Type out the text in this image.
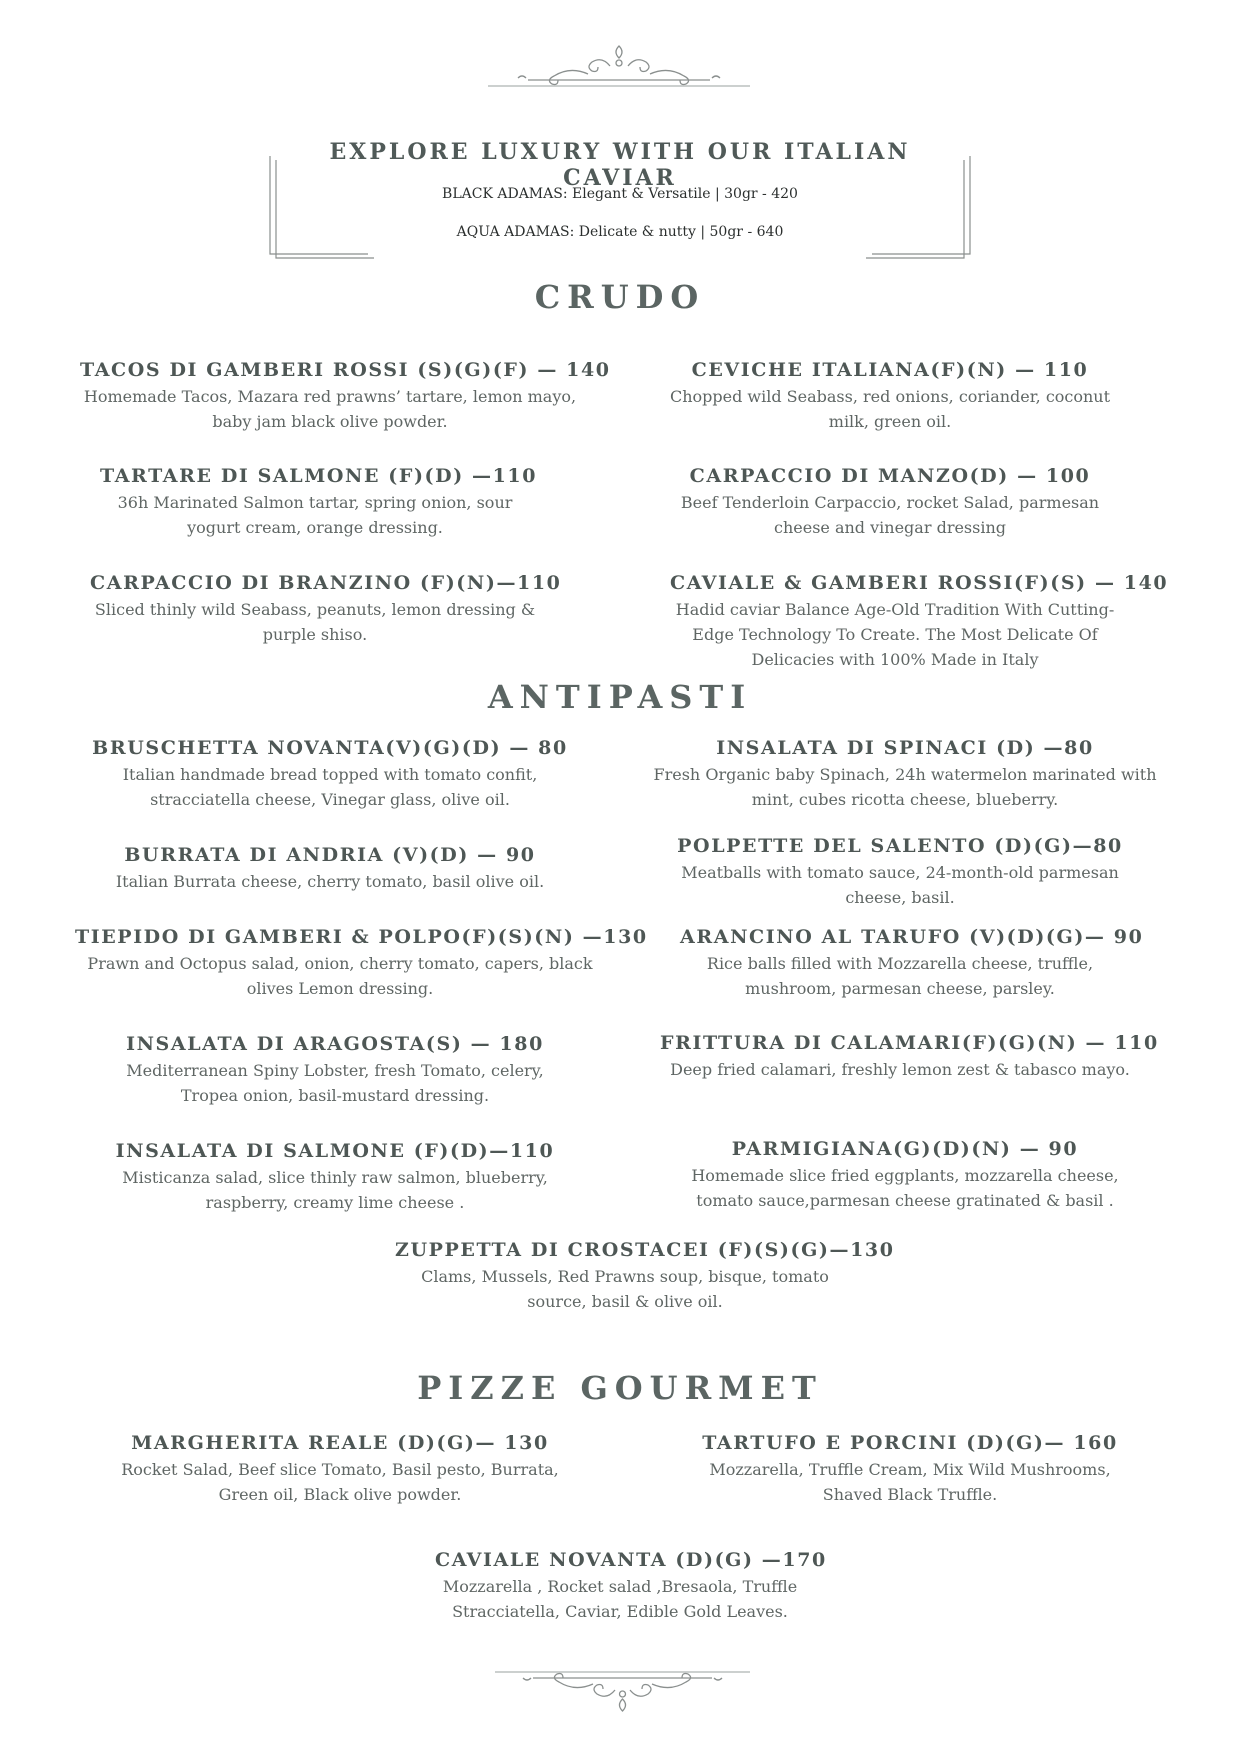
EXPLORE LUXURY WITH OUR ITALIAN CAVIAR
BLACK ADAMAS: Elegant & Versatile | 30gr - 420
AQUA ADAMAS: Delicate & nutty | 50gr - 640
CRUDO
TACOS DI GAMBERI ROSSI (S)(G)(F) — 140
Homemade Tacos, Mazara red prawns’ tartare, lemon mayo, baby jam black olive powder.
CEVICHE ITALIANA(F)(N) — 110
Chopped wild Seabass, red onions, coriander, coconut milk, green oil.
TARTARE DI SALMONE (F)(D) —110
36h Marinated Salmon tartar, spring onion, sour yogurt cream, orange dressing.
CARPACCIO DI MANZO(D) — 100
Beef Tenderloin Carpaccio, rocket Salad, parmesan cheese and vinegar dressing
CARPACCIO DI BRANZINO (F)(N)—110
Sliced thinly wild Seabass, peanuts, lemon dressing & purple shiso.
CAVIALE & GAMBERI ROSSI(F)(S) — 140
Hadid caviar Balance Age-Old Tradition With Cutting-Edge Technology To Create. The Most Delicate Of Delicacies with 100% Made in Italy
ANTIPASTI
BRUSCHETTA NOVANTA(V)(G)(D) — 80
Italian handmade bread topped with tomato confit, stracciatella cheese, Vinegar glass, olive oil.
INSALATA DI SPINACI (D) —80
Fresh Organic baby Spinach, 24h watermelon marinated with mint, cubes ricotta cheese, blueberry.
BURRATA DI ANDRIA (V)(D) — 90
Italian Burrata cheese, cherry tomato, basil olive oil.
POLPETTE DEL SALENTO (D)(G)—80
Meatballs with tomato sauce, 24-month-old parmesan cheese, basil.
TIEPIDO DI GAMBERI & POLPO(F)(S)(N) —130
Prawn and Octopus salad, onion, cherry tomato, capers, black olives Lemon dressing.
ARANCINO AL TARUFO (V)(D)(G)— 90
Rice balls filled with Mozzarella cheese, truffle, mushroom, parmesan cheese, parsley.
INSALATA DI ARAGOSTA(S) — 180
Mediterranean Spiny Lobster, fresh Tomato, celery, Tropea onion, basil-mustard dressing.
FRITTURA DI CALAMARI(F)(G)(N) — 110
Deep fried calamari, freshly lemon zest & tabasco mayo.
INSALATA DI SALMONE (F)(D)—110
Misticanza salad, slice thinly raw salmon, blueberry, raspberry, creamy lime cheese .
PARMIGIANA(G)(D)(N) — 90
Homemade slice fried eggplants, mozzarella cheese, tomato sauce,parmesan cheese gratinated & basil .
ZUPPETTA DI CROSTACEI (F)(S)(G)—130
Clams, Mussels, Red Prawns soup, bisque, tomato source, basil & olive oil.
PIZZE GOURMET
MARGHERITA REALE (D)(G)— 130
Rocket Salad, Beef slice Tomato, Basil pesto, Burrata, Green oil, Black olive powder.
TARTUFO E PORCINI (D)(G)— 160
Mozzarella, Truffle Cream, Mix Wild Mushrooms, Shaved Black Truffle.
CAVIALE NOVANTA (D)(G) —170
Mozzarella , Rocket salad ,Bresaola, Truffle Stracciatella, Caviar, Edible Gold Leaves.
